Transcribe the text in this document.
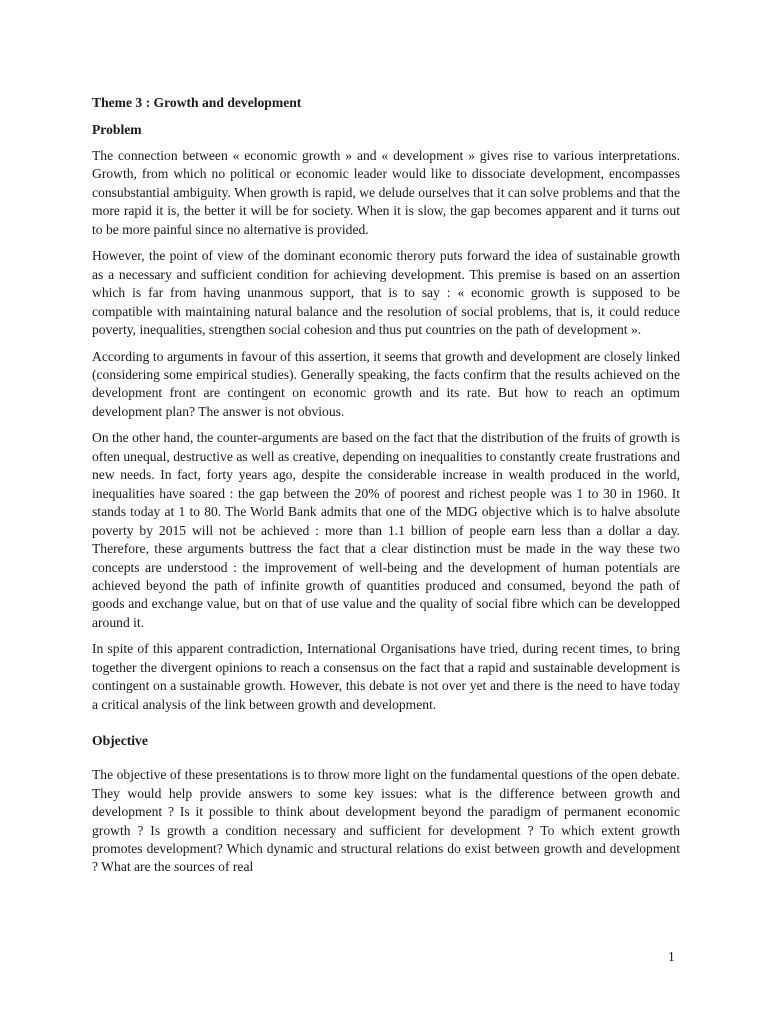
Theme 3 : Growth and development
Problem

The connection between « economic growth » and « development » gives rise to various interpretations. Growth, from which no political or economic leader would like to dissociate development, encompasses consubstantial ambiguity. When growth is rapid, we delude ourselves that it can solve problems and that the more rapid it is, the better it will be for society. When it is slow, the gap becomes apparent and it turns out to be more painful since no alternative is provided.

However, the point of view of the dominant economic therory puts forward the idea of sustainable growth as a necessary and sufficient condition for achieving development. This premise is based on an assertion which is far from having unanmous support, that is to say : « economic growth is supposed to be compatible with maintaining natural balance and the resolution of social problems, that is, it could reduce poverty, inequalities, strengthen social cohesion and thus put countries on the path of development ».

According to arguments in favour of this assertion, it seems that growth and development are closely linked (considering some empirical studies). Generally speaking, the facts confirm that the results achieved on the development front are contingent on economic growth and its rate. But how to reach an optimum development plan? The answer is not obvious.

On the other hand, the counter-arguments are based on the fact that the distribution of the fruits of growth is often unequal, destructive as well as creative, depending on inequalities to constantly create frustrations and new needs. In fact, forty years ago, despite the considerable increase in wealth produced in the world, inequalities have soared : the gap between the 20% of poorest and richest people was 1 to 30 in 1960. It stands today at 1 to 80. The World Bank admits that one of the MDG objective which is to halve absolute poverty by 2015 will not be achieved : more than 1.1 billion of people earn less than a dollar a day. Therefore, these arguments buttress the fact that a clear distinction must be made in the way these two concepts are understood : the improvement of well-being and the development of human potentials are achieved beyond the path of infinite growth of quantities produced and consumed, beyond the path of goods and exchange value, but on that of use value and the quality of social fibre which can be developped around it.

In spite of this apparent contradiction, International Organisations have tried, during recent times, to bring together the divergent opinions to reach a consensus on the fact that a rapid and sustainable development is contingent on a sustainable growth. However, this debate is not over yet and there is the need to have today a critical analysis of the link between growth and development.

Objective

The objective of these presentations is to throw more light on the fundamental questions of the open debate. They would help provide answers to some key issues: what is the difference between growth and development ? Is it possible to think about development beyond the paradigm of permanent economic growth ? Is growth a condition necessary and sufficient for development ? To which extent growth promotes development? Which dynamic and structural relations do exist between growth and development ? What are the sources of real

1
